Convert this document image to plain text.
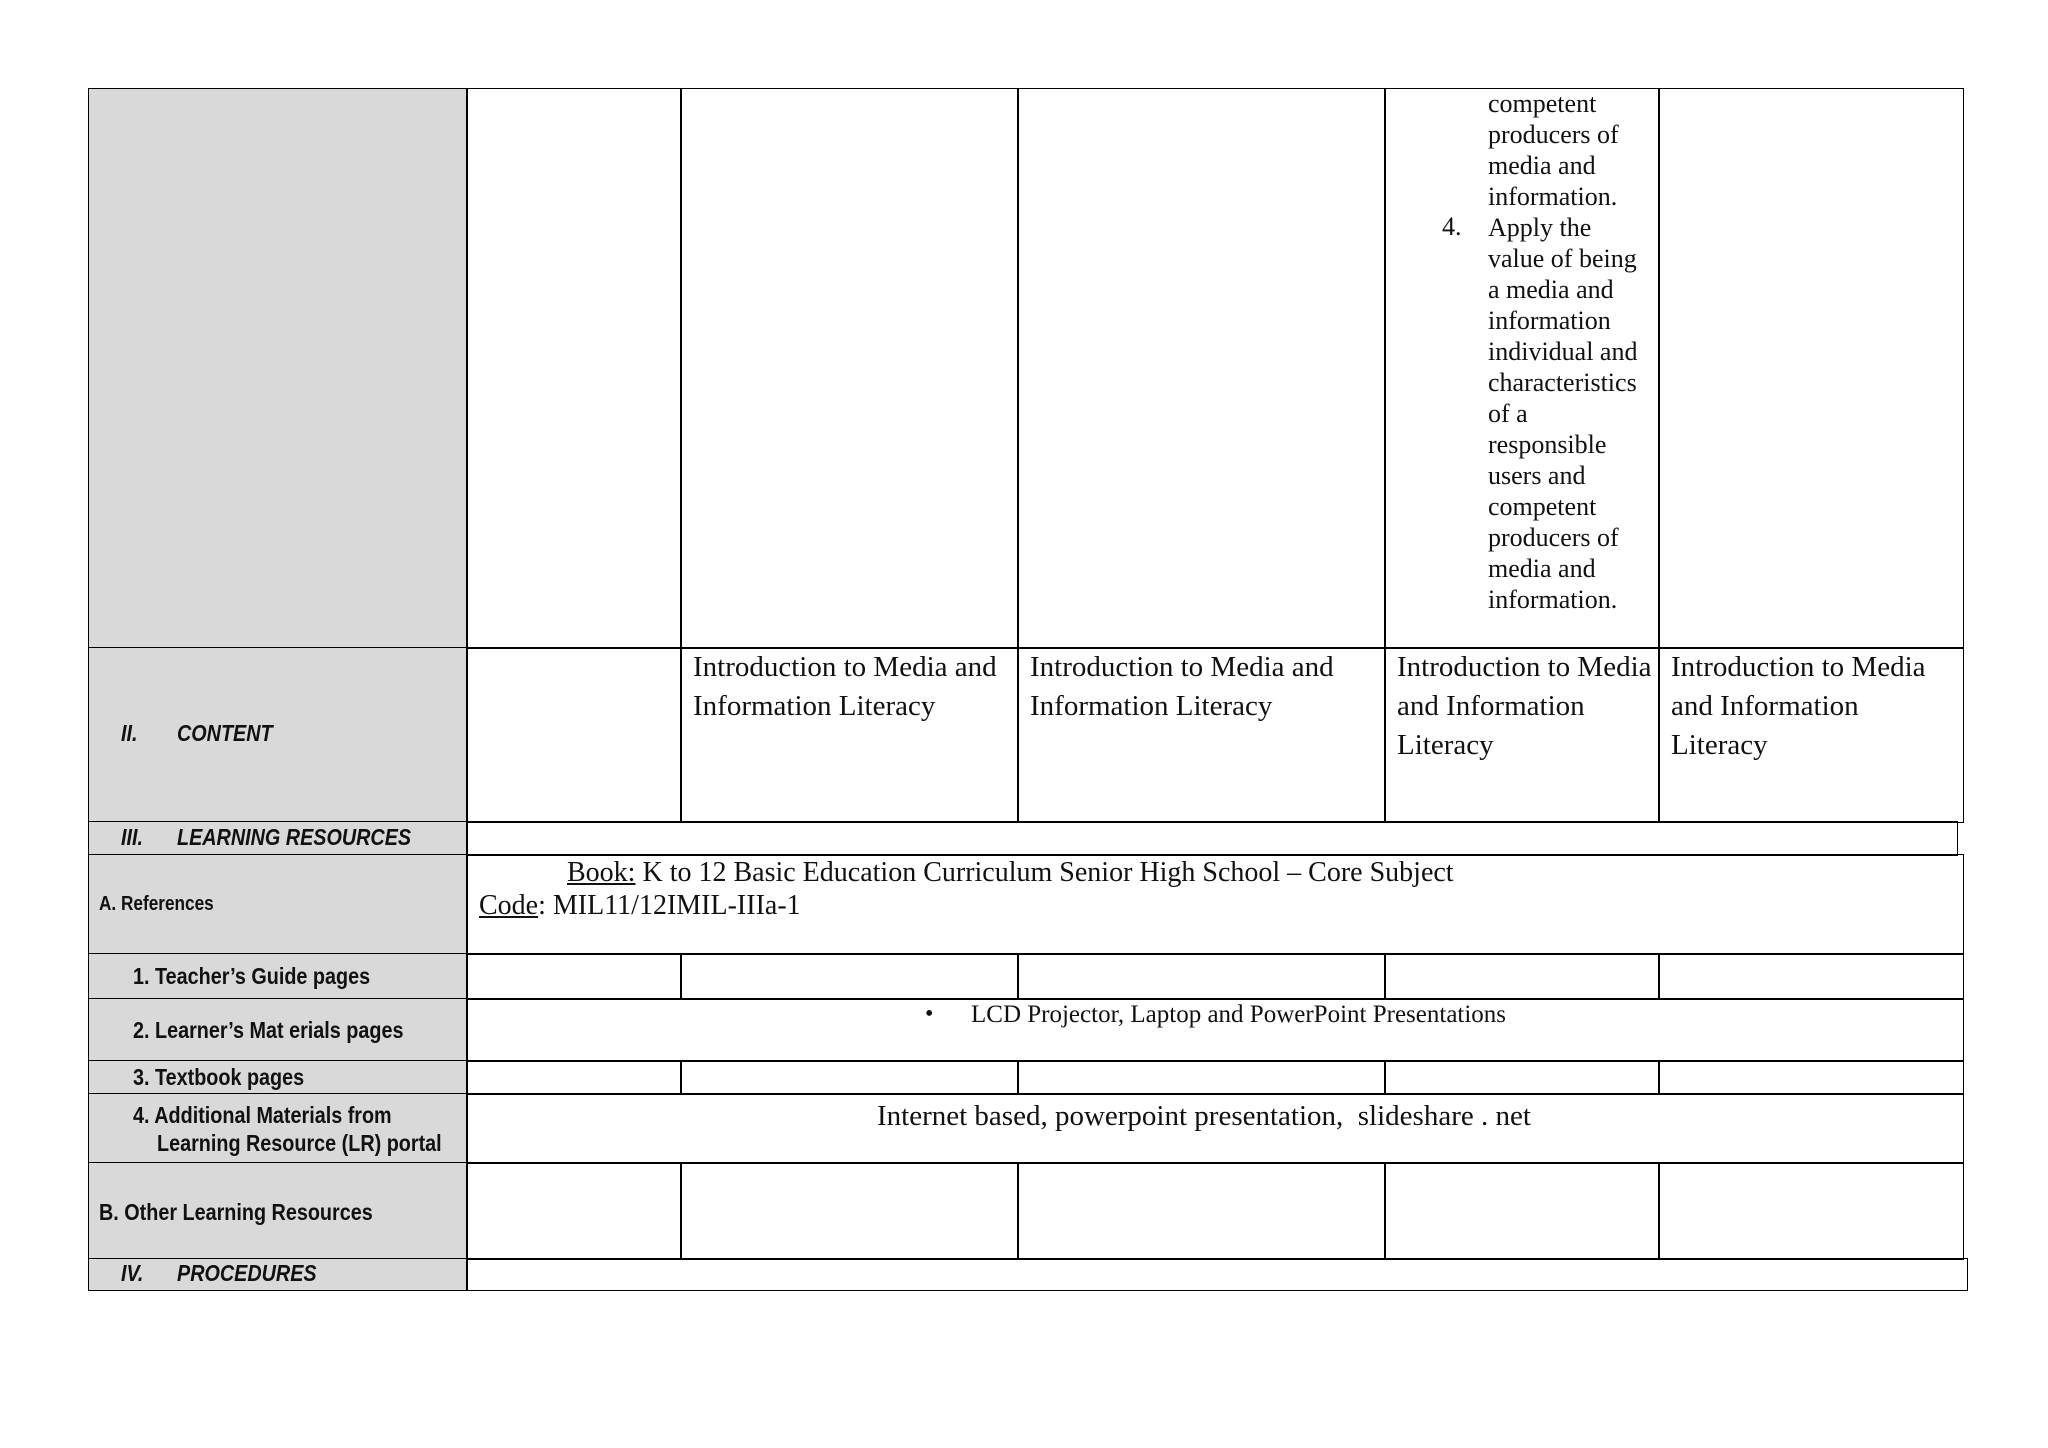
competent
producers of
media and
information.
Apply the
value of being
a media and
information
individual and
characteristics
of a
responsible
users and
competent
producers of
media and
information.
4.
II. CONTENT
Introduction to Media and Information Literacy
Introduction to Media and Information Literacy
Introduction to Media and Information Literacy
Introduction to Media and Information Literacy
III. LEARNING RESOURCES
A. References
Book: K to 12 Basic Education Curriculum Senior High School – Core Subject
Code: MIL11/12IMIL-IIIa-1
1. Teacher’s Guide pages
2. Learner’s Mat erials pages
• LCD Projector, Laptop and PowerPoint Presentations
3. Textbook pages
4. Additional Materials from
Learning Resource (LR) portal
Internet based, powerpoint presentation,  slideshare . net
B. Other Learning Resources
IV. PROCEDURES
